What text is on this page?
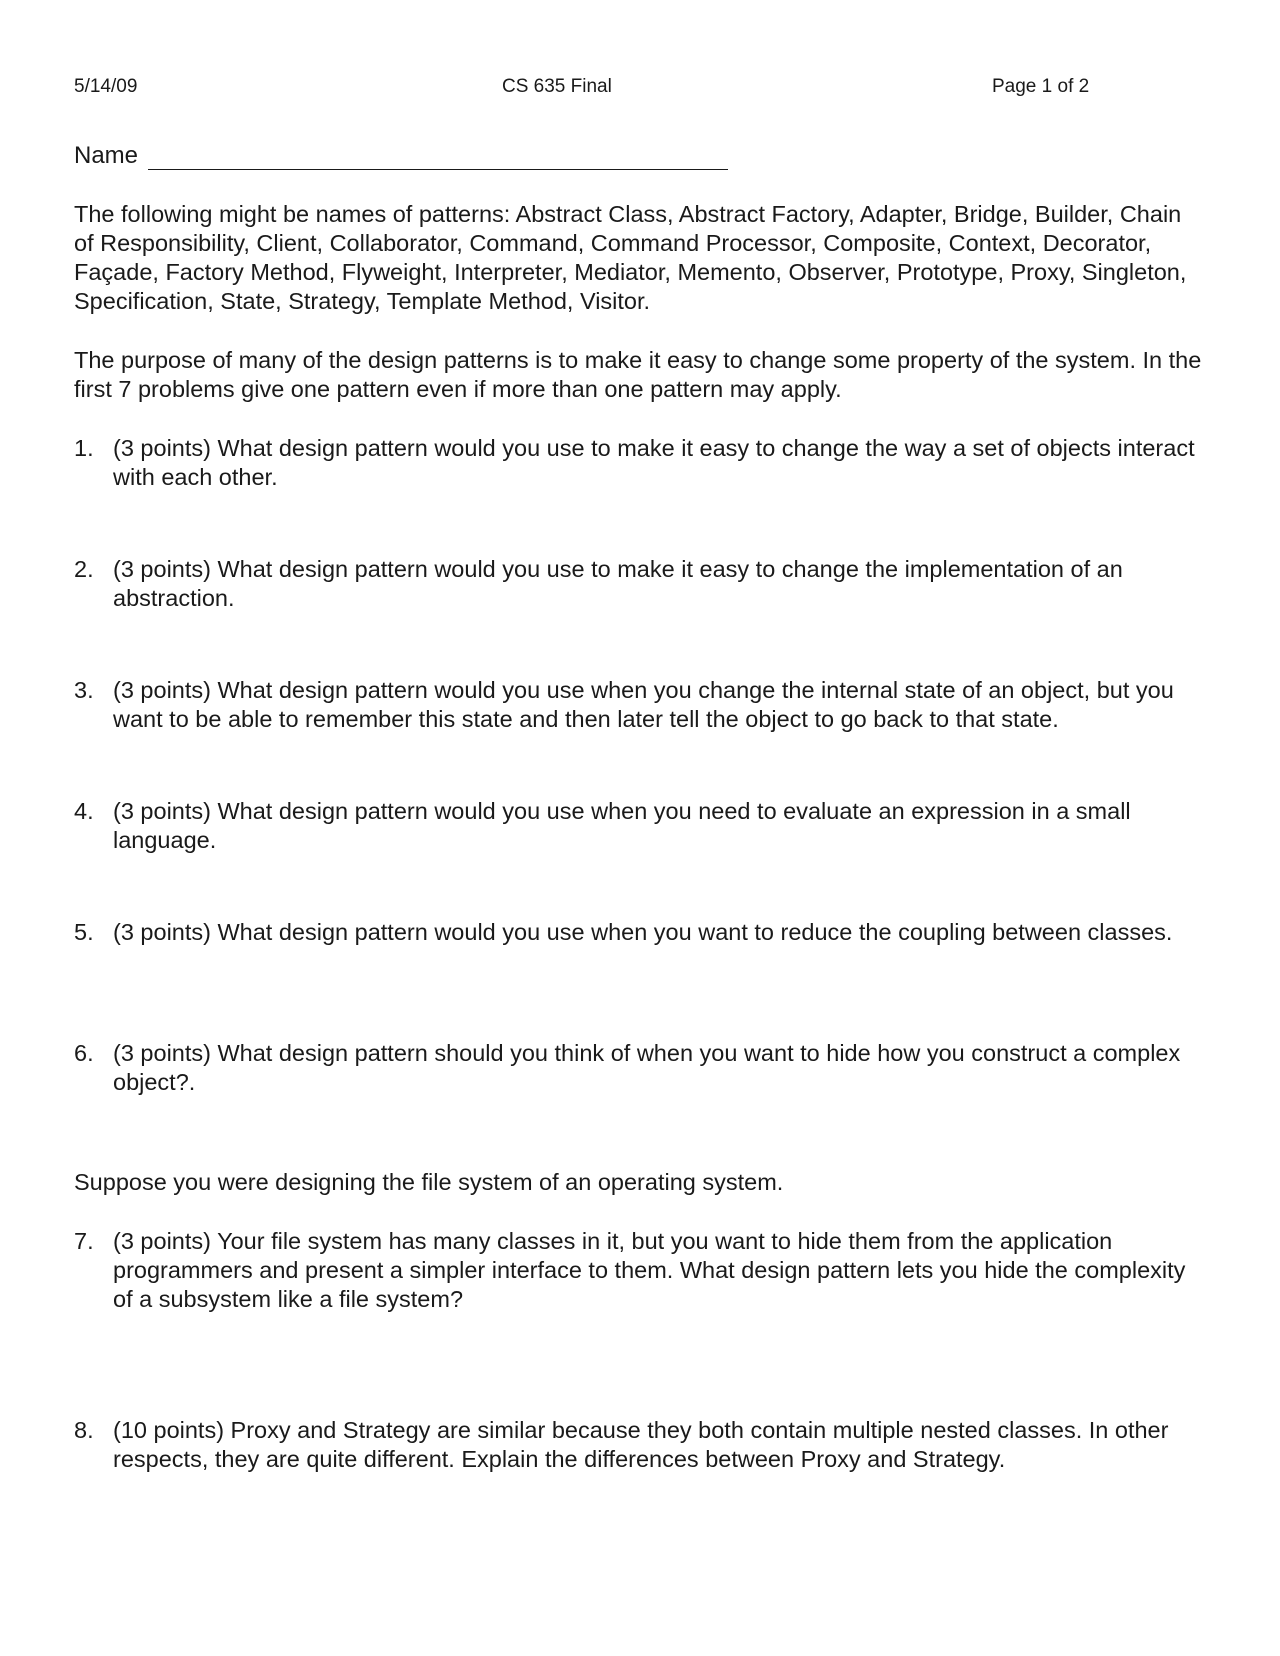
5/14/09	CS 635 Final	Page 1 of 2
Name

The following might be names of patterns: Abstract Class, Abstract Factory, Adapter, Bridge, Builder, Chain of Responsibility, Client, Collaborator, Command, Command Processor, Composite, Context, Decorator, Façade, Factory Method, Flyweight, Interpreter, Mediator, Memento, Observer, Prototype, Proxy, Singleton, Specification, State, Strategy, Template Method, Visitor.

The purpose of many of the design patterns is to make it easy to change some property of the system. In the first 7 problems give one pattern even if more than one pattern may apply.

1. (3 points) What design pattern would you use to make it easy to change the way a set of objects interact with each other.
2. (3 points) What design pattern would you use to make it easy to change the implementation of an abstraction.
3. (3 points) What design pattern would you use when you change the internal state of an object, but you want to be able to remember this state and then later tell the object to go back to that state.
4. (3 points) What design pattern would you use when you need to evaluate an expression in a small language.
5. (3 points) What design pattern would you use when you want to reduce the coupling between classes.
6. (3 points) What design pattern should you think of when you want to hide how you construct a complex object?.

Suppose you were designing the file system of an operating system.

7. (3 points) Your file system has many classes in it, but you want to hide them from the application programmers and present a simpler interface to them. What design pattern lets you hide the complexity of a subsystem like a file system?
8. (10 points) Proxy and Strategy are similar because they both contain multiple nested classes. In other respects, they are quite different. Explain the differences between Proxy and Strategy.
